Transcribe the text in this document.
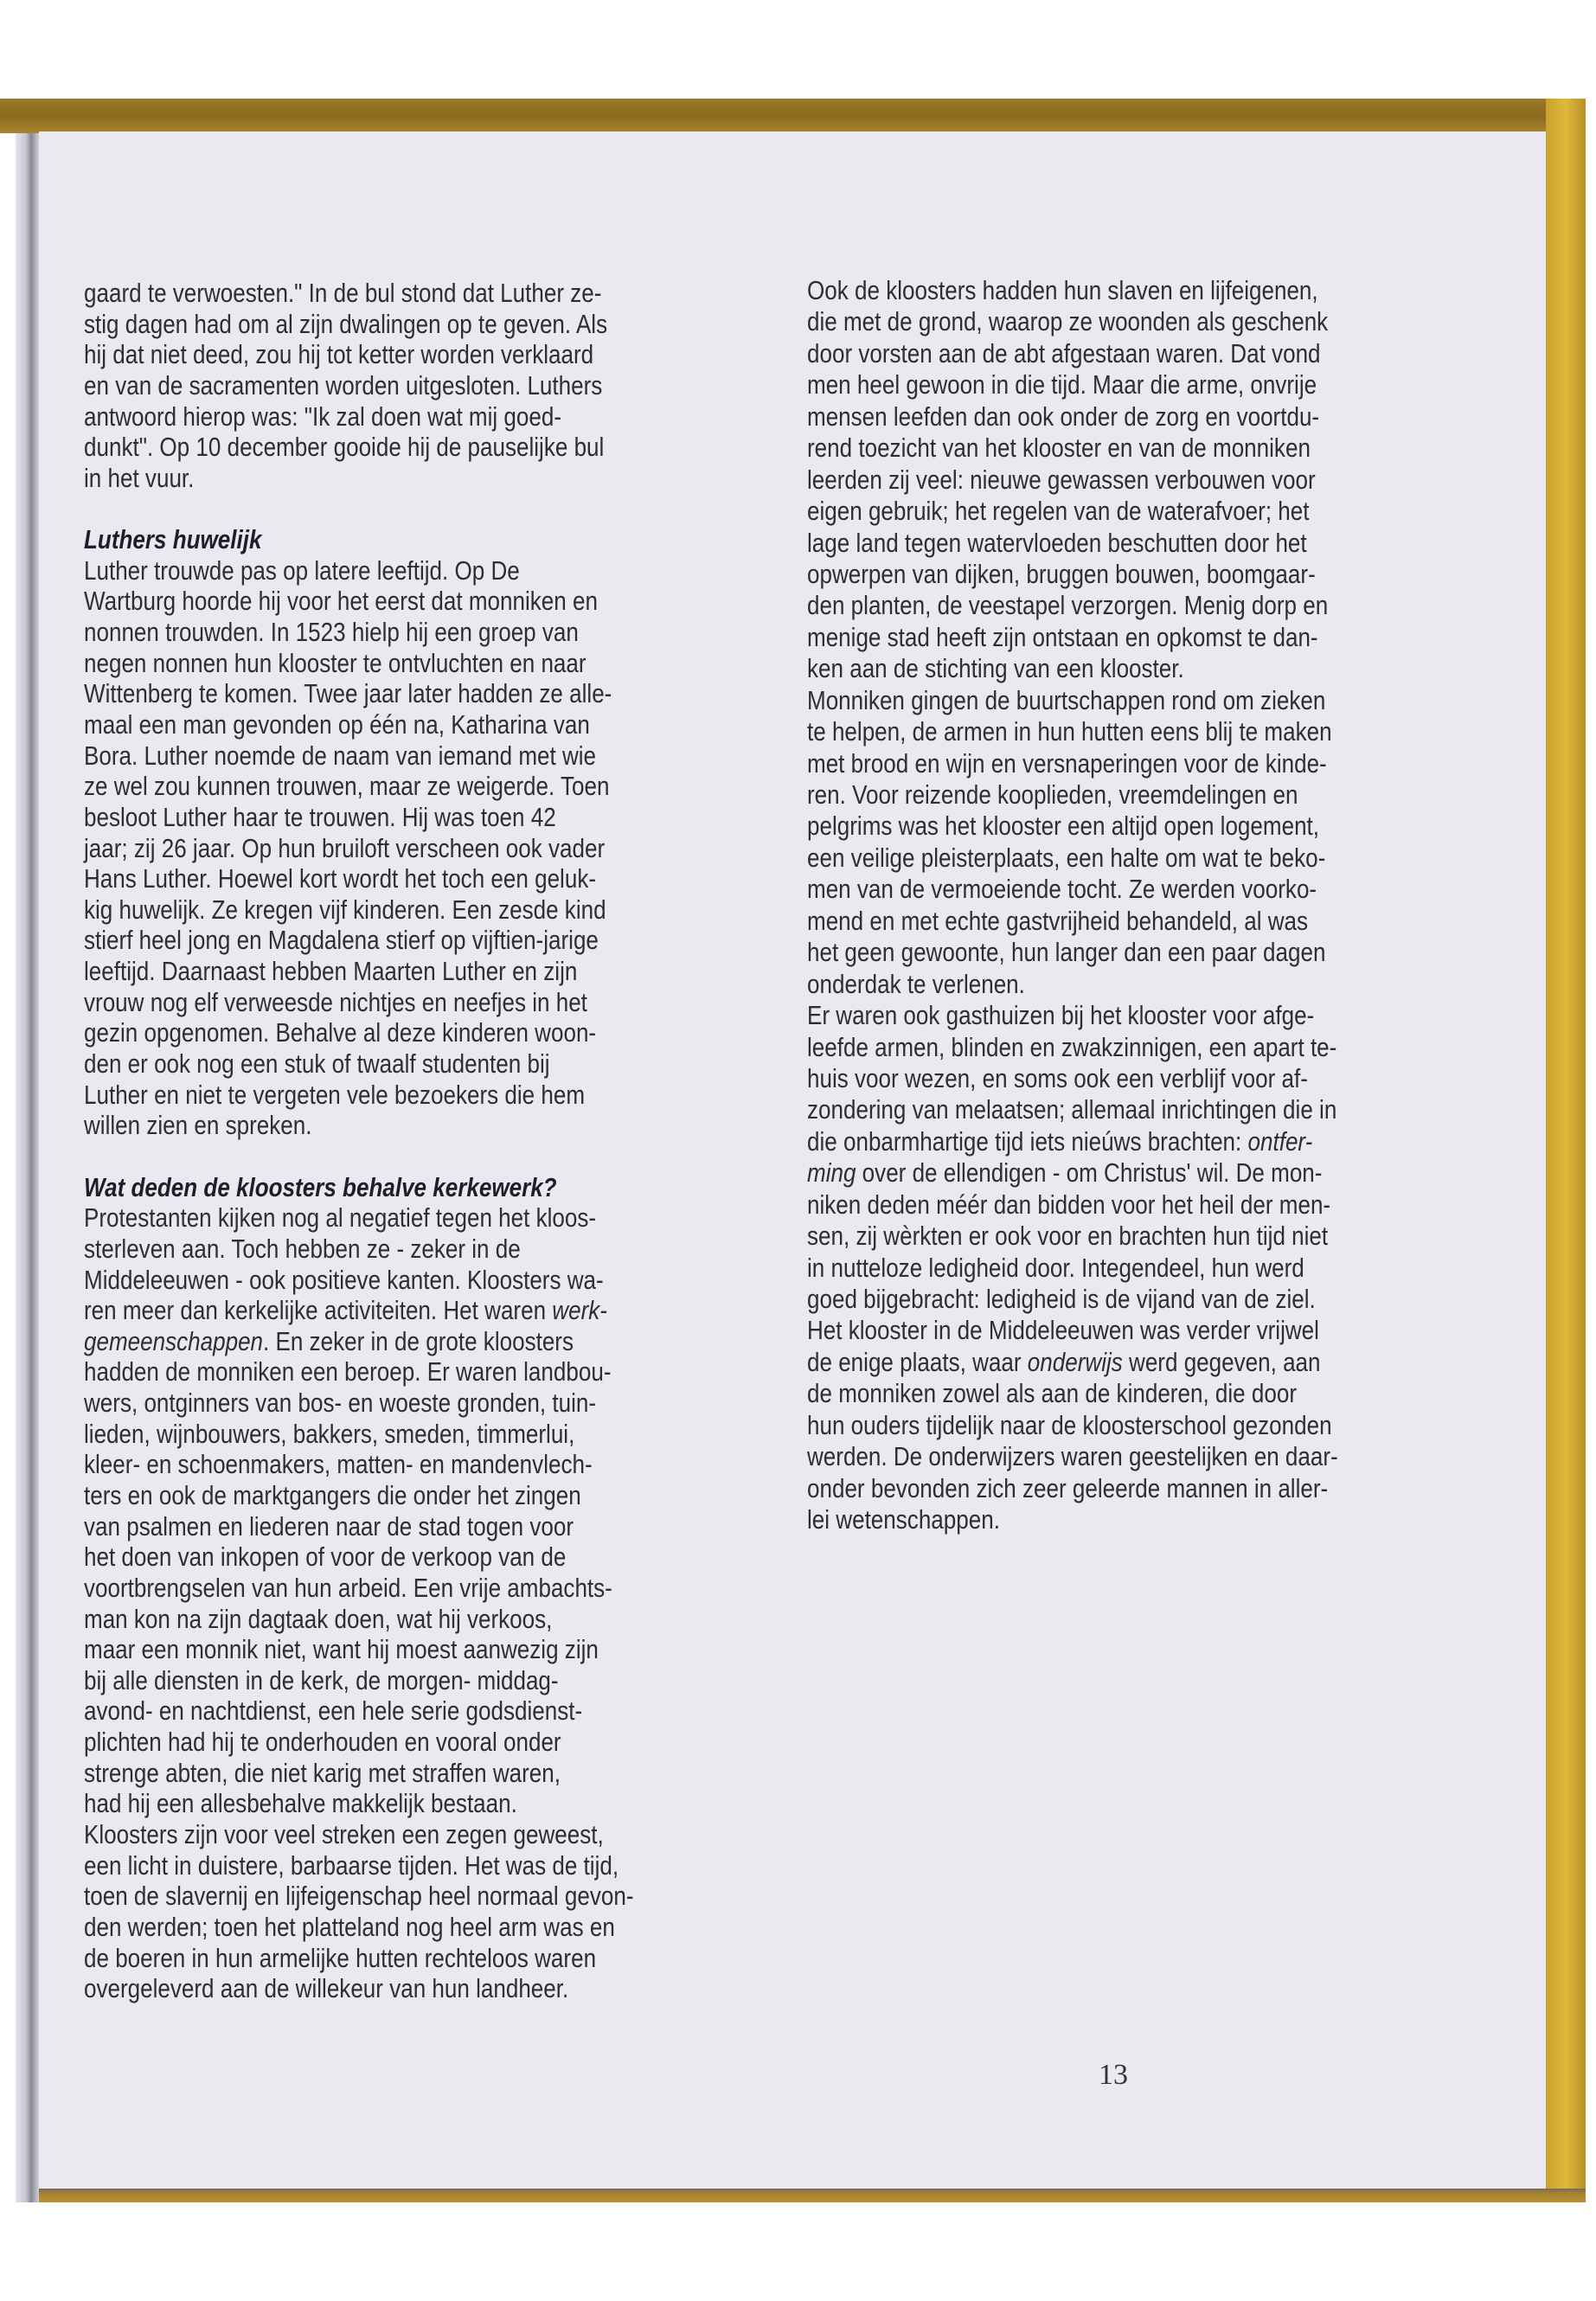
gaard te verwoesten." In de bul stond dat Luther ze-
stig dagen had om al zijn dwalingen op te geven. Als
hij dat niet deed, zou hij tot ketter worden verklaard
en van de sacramenten worden uitgesloten. Luthers
antwoord hierop was: "Ik zal doen wat mij goed-
dunkt". Op 10 december gooide hij de pauselijke bul
in het vuur.
Luthers huwelijk
Luther trouwde pas op latere leeftijd. Op De
Wartburg hoorde hij voor het eerst dat monniken en
nonnen trouwden. In 1523 hielp hij een groep van
negen nonnen hun klooster te ontvluchten en naar
Wittenberg te komen. Twee jaar later hadden ze alle-
maal een man gevonden op één na, Katharina van
Bora. Luther noemde de naam van iemand met wie
ze wel zou kunnen trouwen, maar ze weigerde. Toen
besloot Luther haar te trouwen. Hij was toen 42
jaar; zij 26 jaar. Op hun bruiloft verscheen ook vader
Hans Luther. Hoewel kort wordt het toch een geluk-
kig huwelijk. Ze kregen vijf kinderen. Een zesde kind
stierf heel jong en Magdalena stierf op vijftien-jarige
leeftijd. Daarnaast hebben Maarten Luther en zijn
vrouw nog elf verweesde nichtjes en neefjes in het
gezin opgenomen. Behalve al deze kinderen woon-
den er ook nog een stuk of twaalf studenten bij
Luther en niet te vergeten vele bezoekers die hem
willen zien en spreken.
Wat deden de kloosters behalve kerkewerk?
Protestanten kijken nog al negatief tegen het kloos-
sterleven aan. Toch hebben ze - zeker in de
Middeleeuwen - ook positieve kanten. Kloosters wa-
ren meer dan kerkelijke activiteiten. Het waren werk-
gemeenschappen. En zeker in de grote kloosters
hadden de monniken een beroep. Er waren landbou-
wers, ontginners van bos- en woeste gronden, tuin-
lieden, wijnbouwers, bakkers, smeden, timmerlui,
kleer- en schoenmakers, matten- en mandenvlech-
ters en ook de marktgangers die onder het zingen
van psalmen en liederen naar de stad togen voor
het doen van inkopen of voor de verkoop van de
voortbrengselen van hun arbeid. Een vrije ambachts-
man kon na zijn dagtaak doen, wat hij verkoos,
maar een monnik niet, want hij moest aanwezig zijn
bij alle diensten in de kerk, de morgen- middag-
avond- en nachtdienst, een hele serie godsdienst-
plichten had hij te onderhouden en vooral onder
strenge abten, die niet karig met straffen waren,
had hij een allesbehalve makkelijk bestaan.
Kloosters zijn voor veel streken een zegen geweest,
een licht in duistere, barbaarse tijden. Het was de tijd,
toen de slavernij en lijfeigenschap heel normaal gevon-
den werden; toen het platteland nog heel arm was en
de boeren in hun armelijke hutten rechteloos waren
overgeleverd aan de willekeur van hun landheer.
Ook de kloosters hadden hun slaven en lijfeigenen,
die met de grond, waarop ze woonden als geschenk
door vorsten aan de abt afgestaan waren. Dat vond
men heel gewoon in die tijd. Maar die arme, onvrije
mensen leefden dan ook onder de zorg en voortdu-
rend toezicht van het klooster en van de monniken
leerden zij veel: nieuwe gewassen verbouwen voor
eigen gebruik; het regelen van de waterafvoer; het
lage land tegen watervloeden beschutten door het
opwerpen van dijken, bruggen bouwen, boomgaar-
den planten, de veestapel verzorgen. Menig dorp en
menige stad heeft zijn ontstaan en opkomst te dan-
ken aan de stichting van een klooster.
Monniken gingen de buurtschappen rond om zieken
te helpen, de armen in hun hutten eens blij te maken
met brood en wijn en versnaperingen voor de kinde-
ren. Voor reizende kooplieden, vreemdelingen en
pelgrims was het klooster een altijd open logement,
een veilige pleisterplaats, een halte om wat te beko-
men van de vermoeiende tocht. Ze werden voorko-
mend en met echte gastvrijheid behandeld, al was
het geen gewoonte, hun langer dan een paar dagen
onderdak te verlenen.
Er waren ook gasthuizen bij het klooster voor afge-
leefde armen, blinden en zwakzinnigen, een apart te-
huis voor wezen, en soms ook een verblijf voor af-
zondering van melaatsen; allemaal inrichtingen die in
die onbarmhartige tijd iets nieúws brachten: ontfer-
ming over de ellendigen - om Christus' wil. De mon-
niken deden méér dan bidden voor het heil der men-
sen, zij wèrkten er ook voor en brachten hun tijd niet
in nutteloze ledigheid door. Integendeel, hun werd
goed bijgebracht: ledigheid is de vijand van de ziel.
Het klooster in de Middeleeuwen was verder vrijwel
de enige plaats, waar onderwijs werd gegeven, aan
de monniken zowel als aan de kinderen, die door
hun ouders tijdelijk naar de kloosterschool gezonden
werden. De onderwijzers waren geestelijken en daar-
onder bevonden zich zeer geleerde mannen in aller-
lei wetenschappen.
13
